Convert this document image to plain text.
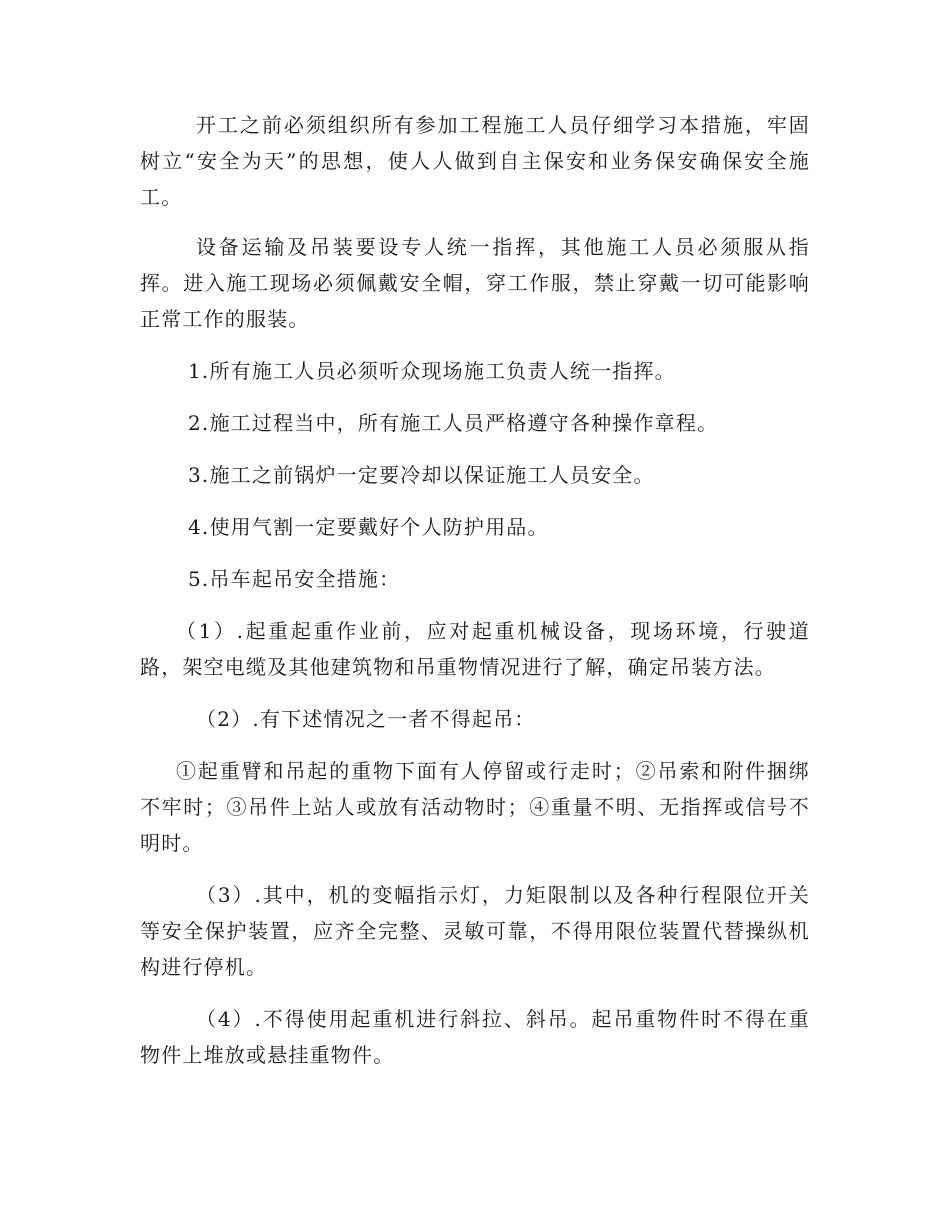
开工之前必须组织所有参加工程施工人员仔细学习本措施，牢固树立“安全为天”的思想，使人人做到自主保安和业务保安确保安全施工。

设备运输及吊装要设专人统一指挥，其他施工人员必须服从指挥。进入施工现场必须佩戴安全帽，穿工作服，禁止穿戴一切可能影响正常工作的服装。

1.所有施工人员必须听众现场施工负责人统一指挥。

2.施工过程当中，所有施工人员严格遵守各种操作章程。

3.施工之前锅炉一定要冷却以保证施工人员安全。

4.使用气割一定要戴好个人防护用品。

5.吊车起吊安全措施：

（1）.起重起重作业前，应对起重机械设备，现场环境，行驶道路，架空电缆及其他建筑物和吊重物情况进行了解，确定吊装方法。

（2）.有下述情况之一者不得起吊：

①起重臂和吊起的重物下面有人停留或行走时；②吊索和附件捆绑不牢时；③吊件上站人或放有活动物时；④重量不明、无指挥或信号不明时。

（3）.其中，机的变幅指示灯，力矩限制以及各种行程限位开关等安全保护装置，应齐全完整、灵敏可靠，不得用限位装置代替操纵机构进行停机。

（4）.不得使用起重机进行斜拉、斜吊。起吊重物件时不得在重物件上堆放或悬挂重物件。
